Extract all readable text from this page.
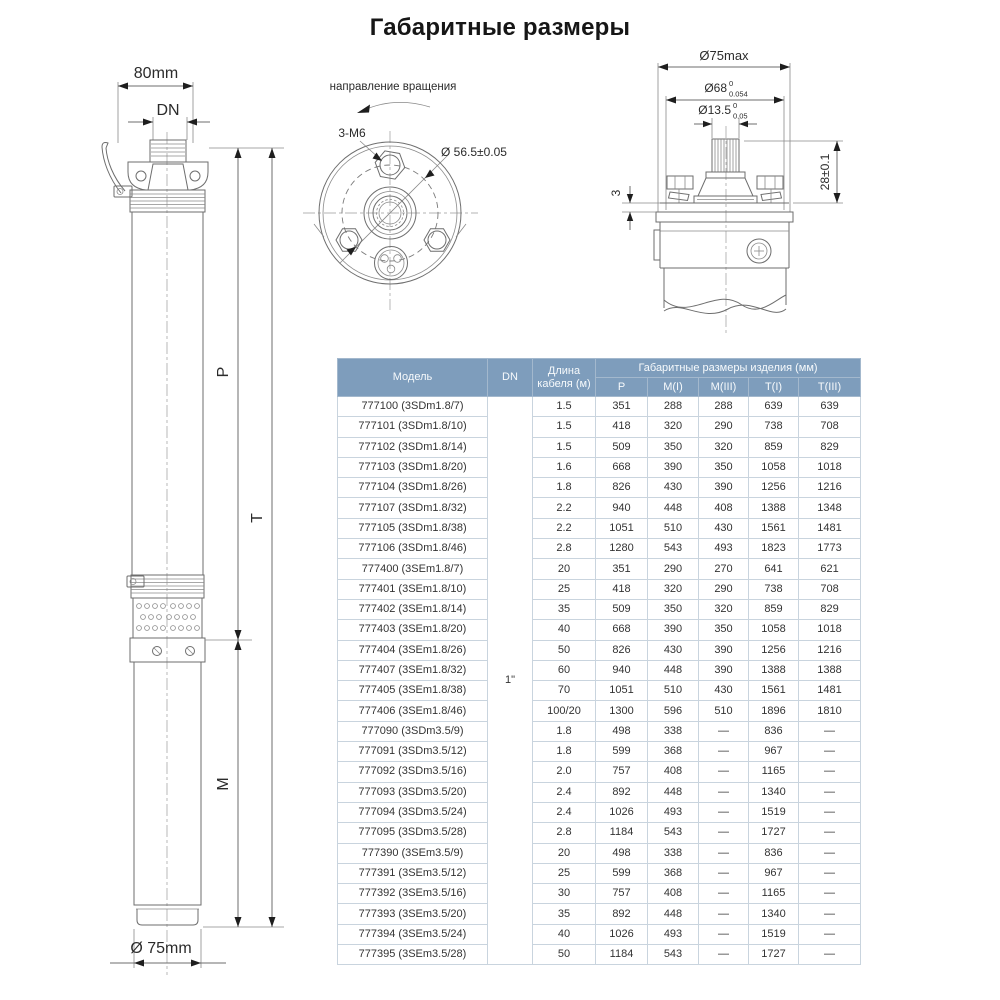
Габаритные размеры
80mm
DN
Ø 75mm
P
T
M
направление вращения
3-M6
Ø 56.5±0.05
Ø75max
Ø68 0
0.054
Ø13.5 0
0.05
3
28±0.1
Модель	DN	Длина кабеля (м)	Габаритные размеры изделия (мм)				
			P	M(I)	M(III)	T(I)	T(III)
777100 (3SDm1.8/7)	1"	1.5	351	288	288	639	639
777101 (3SDm1.8/10)		1.5	418	320	290	738	708
777102 (3SDm1.8/14)		1.5	509	350	320	859	829
777103 (3SDm1.8/20)		1.6	668	390	350	1058	1018
777104 (3SDm1.8/26)		1.8	826	430	390	1256	1216
777107 (3SDm1.8/32)		2.2	940	448	408	1388	1348
777105 (3SDm1.8/38)		2.2	1051	510	430	1561	1481
777106 (3SDm1.8/46)		2.8	1280	543	493	1823	1773
777400 (3SEm1.8/7)		20	351	290	270	641	621
777401 (3SEm1.8/10)		25	418	320	290	738	708
777402 (3SEm1.8/14)		35	509	350	320	859	829
777403 (3SEm1.8/20)		40	668	390	350	1058	1018
777404 (3SEm1.8/26)		50	826	430	390	1256	1216
777407 (3SEm1.8/32)		60	940	448	390	1388	1388
777405 (3SEm1.8/38)		70	1051	510	430	1561	1481
777406 (3SEm1.8/46)		100/20	1300	596	510	1896	1810
777090 (3SDm3.5/9)		1.8	498	338	—	836	—
777091 (3SDm3.5/12)		1.8	599	368	—	967	—
777092 (3SDm3.5/16)		2.0	757	408	—	1165	—
777093 (3SDm3.5/20)		2.4	892	448	—	1340	—
777094 (3SDm3.5/24)		2.4	1026	493	—	1519	—
777095 (3SDm3.5/28)		2.8	1184	543	—	1727	—
777390 (3SEm3.5/9)		20	498	338	—	836	—
777391 (3SEm3.5/12)		25	599	368	—	967	—
777392 (3SEm3.5/16)		30	757	408	—	1165	—
777393 (3SEm3.5/20)		35	892	448	—	1340	—
777394 (3SEm3.5/24)		40	1026	493	—	1519	—
777395 (3SEm3.5/28)		50	1184	543	—	1727	—
